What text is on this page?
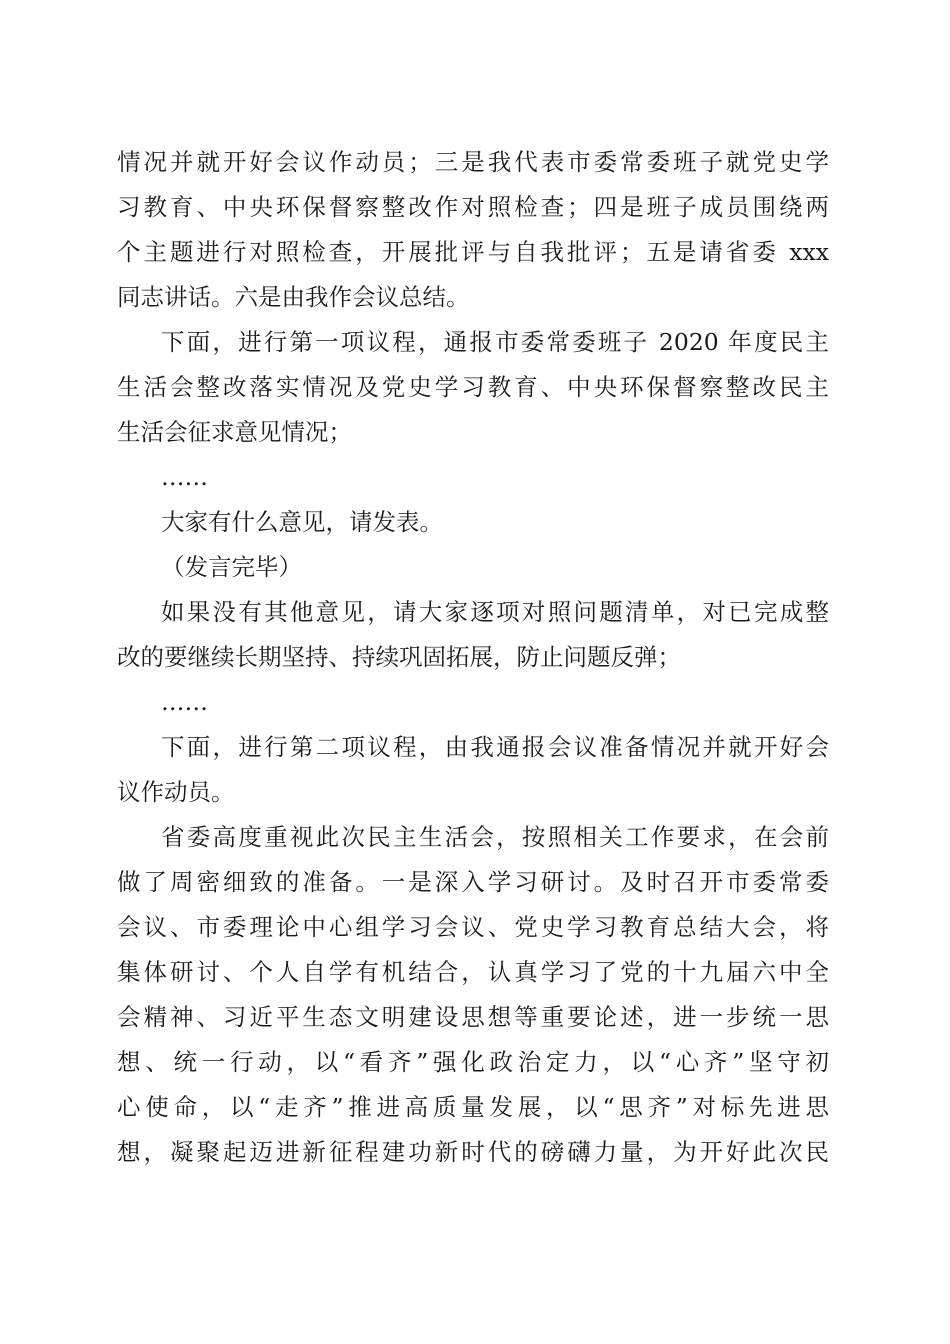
情况并就开好会议作动员；三是我代表市委常委班子就党史学
习教育、中央环保督察整改作对照检查；四是班子成员围绕两
个主题进行对照检查，开展批评与自我批评；五是请省委 xxx
同志讲话。六是由我作会议总结。
下面，进行第一项议程，通报市委常委班子 2020 年度民主
生活会整改落实情况及党史学习教育、中央环保督察整改民主
生活会征求意见情况；
……
大家有什么意见，请发表。
（发言完毕）
如果没有其他意见，请大家逐项对照问题清单，对已完成整
改的要继续长期坚持、持续巩固拓展，防止问题反弹；
……
下面，进行第二项议程，由我通报会议准备情况并就开好会
议作动员。
省委高度重视此次民主生活会，按照相关工作要求，在会前
做了周密细致的准备。一是深入学习研讨。及时召开市委常委
会议、市委理论中心组学习会议、党史学习教育总结大会，将
集体研讨、个人自学有机结合，认真学习了党的十九届六中全
会精神、习近平生态文明建设思想等重要论述，进一步统一思
想、统一行动，以“看齐”强化政治定力，以“心齐”坚守初
心使命，以“走齐”推进高质量发展，以“思齐”对标先进思
想，凝聚起迈进新征程建功新时代的磅礴力量，为开好此次民
